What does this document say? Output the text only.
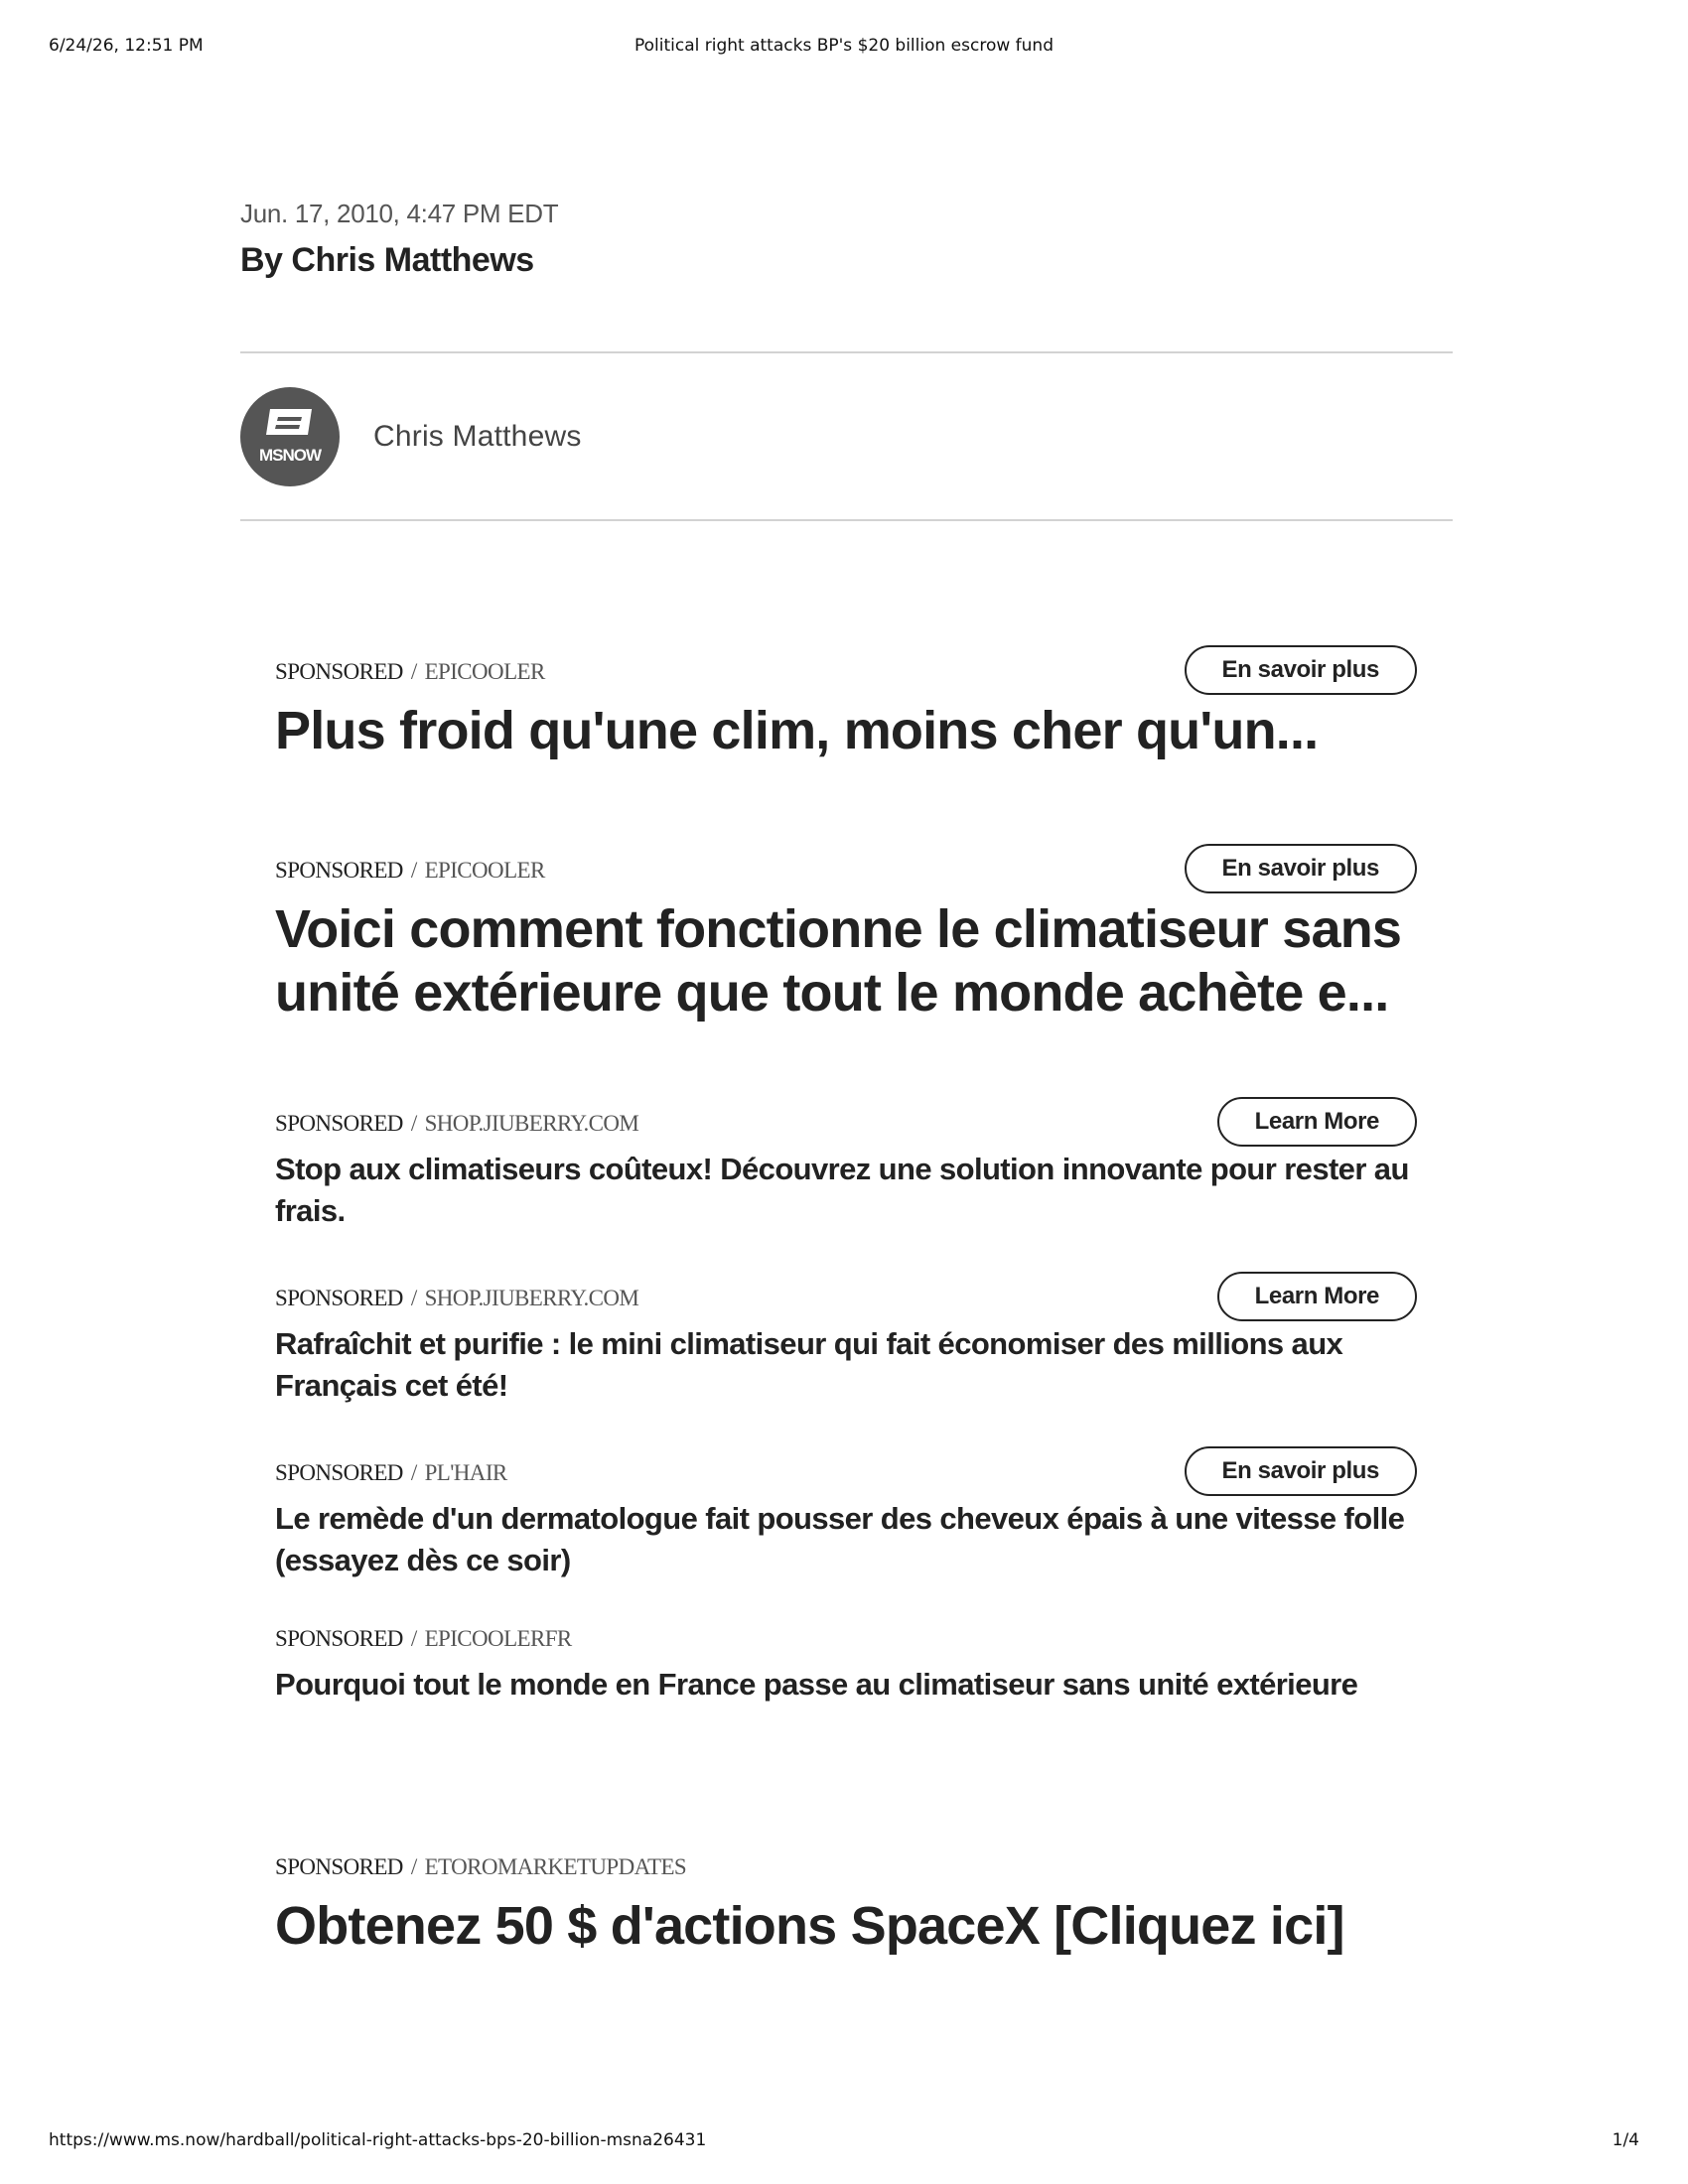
6/24/26, 12:51 PM	Political right attacks BP's $20 billion escrow fund
Jun. 17, 2010, 4:47 PM EDT
By Chris Matthews
MSNOW
Chris Matthews
SPONSORED / EPICOOLER	En savoir plus
Plus froid qu'une clim, moins cher qu'un...
SPONSORED / EPICOOLER	En savoir plus
Voici comment fonctionne le climatiseur sans unité extérieure que tout le monde achète e...
SPONSORED / SHOP.JIUBERRY.COM	Learn More
Stop aux climatiseurs coûteux! Découvrez une solution innovante pour rester au frais.
SPONSORED / SHOP.JIUBERRY.COM	Learn More
Rafraîchit et purifie : le mini climatiseur qui fait économiser des millions aux Français cet été!
SPONSORED / PL'HAIR	En savoir plus
Le remède d'un dermatologue fait pousser des cheveux épais à une vitesse folle (essayez dès ce soir)
SPONSORED / EPICOOLERFR
Pourquoi tout le monde en France passe au climatiseur sans unité extérieure
SPONSORED / ETOROMARKETUPDATES
Obtenez 50 $ d'actions SpaceX [Cliquez ici]
https://www.ms.now/hardball/political-right-attacks-bps-20-billion-msna26431	1/4
